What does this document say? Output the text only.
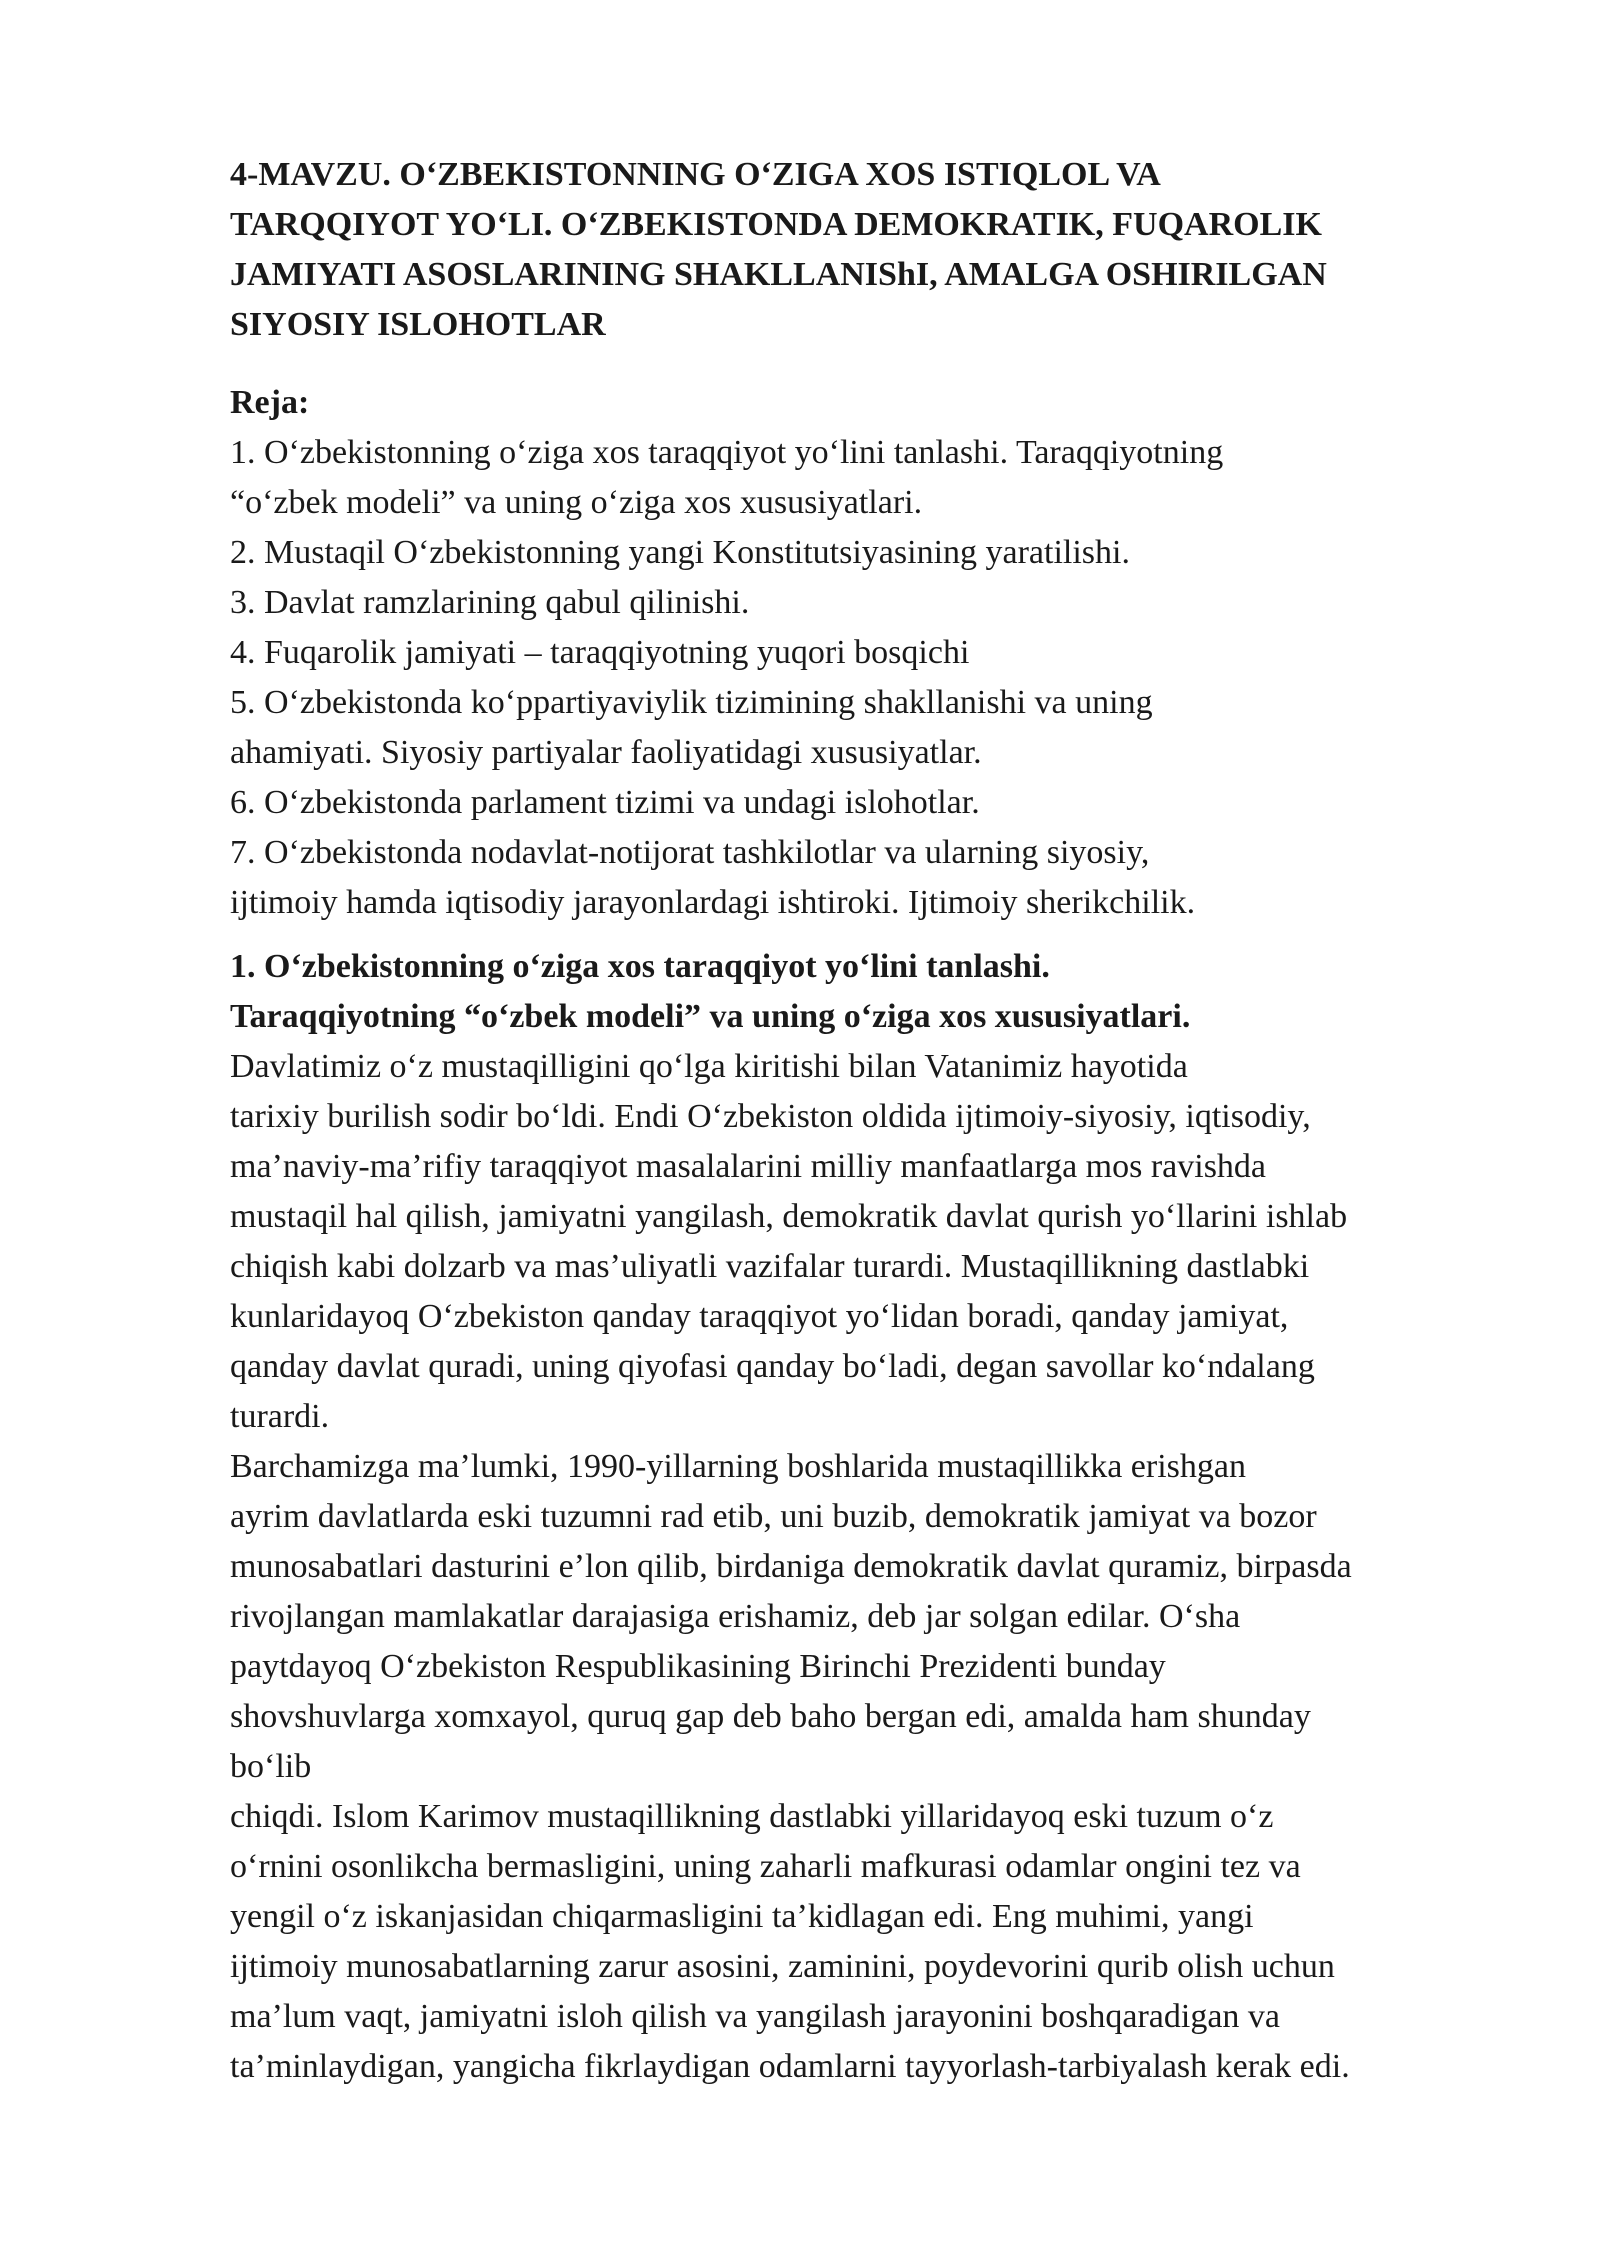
4-MAVZU. O‘ZBEKISTONNING O‘ZIGA XOS ISTIQLOL VA
TARQQIYOT YO‘LI. O‘ZBEKISTONDA DEMOKRATIK, FUQAROLIK
JAMIYATI ASOSLARINING SHAKLLANIShI, AMALGA OSHIRILGAN
SIYOSIY ISLOHOTLAR
Reja:
1. O‘zbekistonning o‘ziga xos taraqqiyot yo‘lini tanlashi. Taraqqiyotning
“o‘zbek modeli” va uning o‘ziga xos xususiyatlari.
2. Mustaqil O‘zbekistonning yangi Konstitutsiyasining yaratilishi.
3. Davlat ramzlarining qabul qilinishi.
4. Fuqarolik jamiyati – taraqqiyotning yuqori bosqichi
5. O‘zbekistonda ko‘ppartiyaviylik tizimining shakllanishi va uning
ahamiyati. Siyosiy partiyalar faoliyatidagi xususiyatlar.
6. O‘zbekistonda parlament tizimi va undagi islohotlar.
7. O‘zbekistonda nodavlat-notijorat tashkilotlar va ularning siyosiy,
ijtimoiy hamda iqtisodiy jarayonlardagi ishtiroki. Ijtimoiy sherikchilik.
1. O‘zbekistonning o‘ziga xos taraqqiyot yo‘lini tanlashi.
Taraqqiyotning “o‘zbek modeli” va uning o‘ziga xos xususiyatlari.
Davlatimiz o‘z mustaqilligini qo‘lga kiritishi bilan Vatanimiz hayotida
tarixiy burilish sodir bo‘ldi. Endi O‘zbekiston oldida ijtimoiy-siyosiy, iqtisodiy,
ma’naviy-ma’rifiy taraqqiyot masalalarini milliy manfaatlarga mos ravishda
mustaqil hal qilish, jamiyatni yangilash, demokratik davlat qurish yo‘llarini ishlab
chiqish kabi dolzarb va mas’uliyatli vazifalar turardi. Mustaqillikning dastlabki
kunlaridayoq O‘zbekiston qanday taraqqiyot yo‘lidan boradi, qanday jamiyat,
qanday davlat quradi, uning qiyofasi qanday bo‘ladi, degan savollar ko‘ndalang
turardi.
Barchamizga ma’lumki, 1990-yillarning boshlarida mustaqillikka erishgan
ayrim davlatlarda eski tuzumni rad etib, uni buzib, demokratik jamiyat va bozor
munosabatlari dasturini e’lon qilib, birdaniga demokratik davlat quramiz, birpasda
rivojlangan mamlakatlar darajasiga erishamiz, deb jar solgan edilar. O‘sha
paytdayoq O‘zbekiston Respublikasining Birinchi Prezidenti bunday
shovshuvlarga xomxayol, quruq gap deb baho bergan edi, amalda ham shunday
bo‘lib
chiqdi. Islom Karimov mustaqillikning dastlabki yillaridayoq eski tuzum o‘z
o‘rnini osonlikcha bermasligini, uning zaharli mafkurasi odamlar ongini tez va
yengil o‘z iskanjasidan chiqarmasligini ta’kidlagan edi. Eng muhimi, yangi
ijtimoiy munosabatlarning zarur asosini, zaminini, poydevorini qurib olish uchun
ma’lum vaqt, jamiyatni isloh qilish va yangilash jarayonini boshqaradigan va
ta’minlaydigan, yangicha fikrlaydigan odamlarni tayyorlash-tarbiyalash kerak edi.
